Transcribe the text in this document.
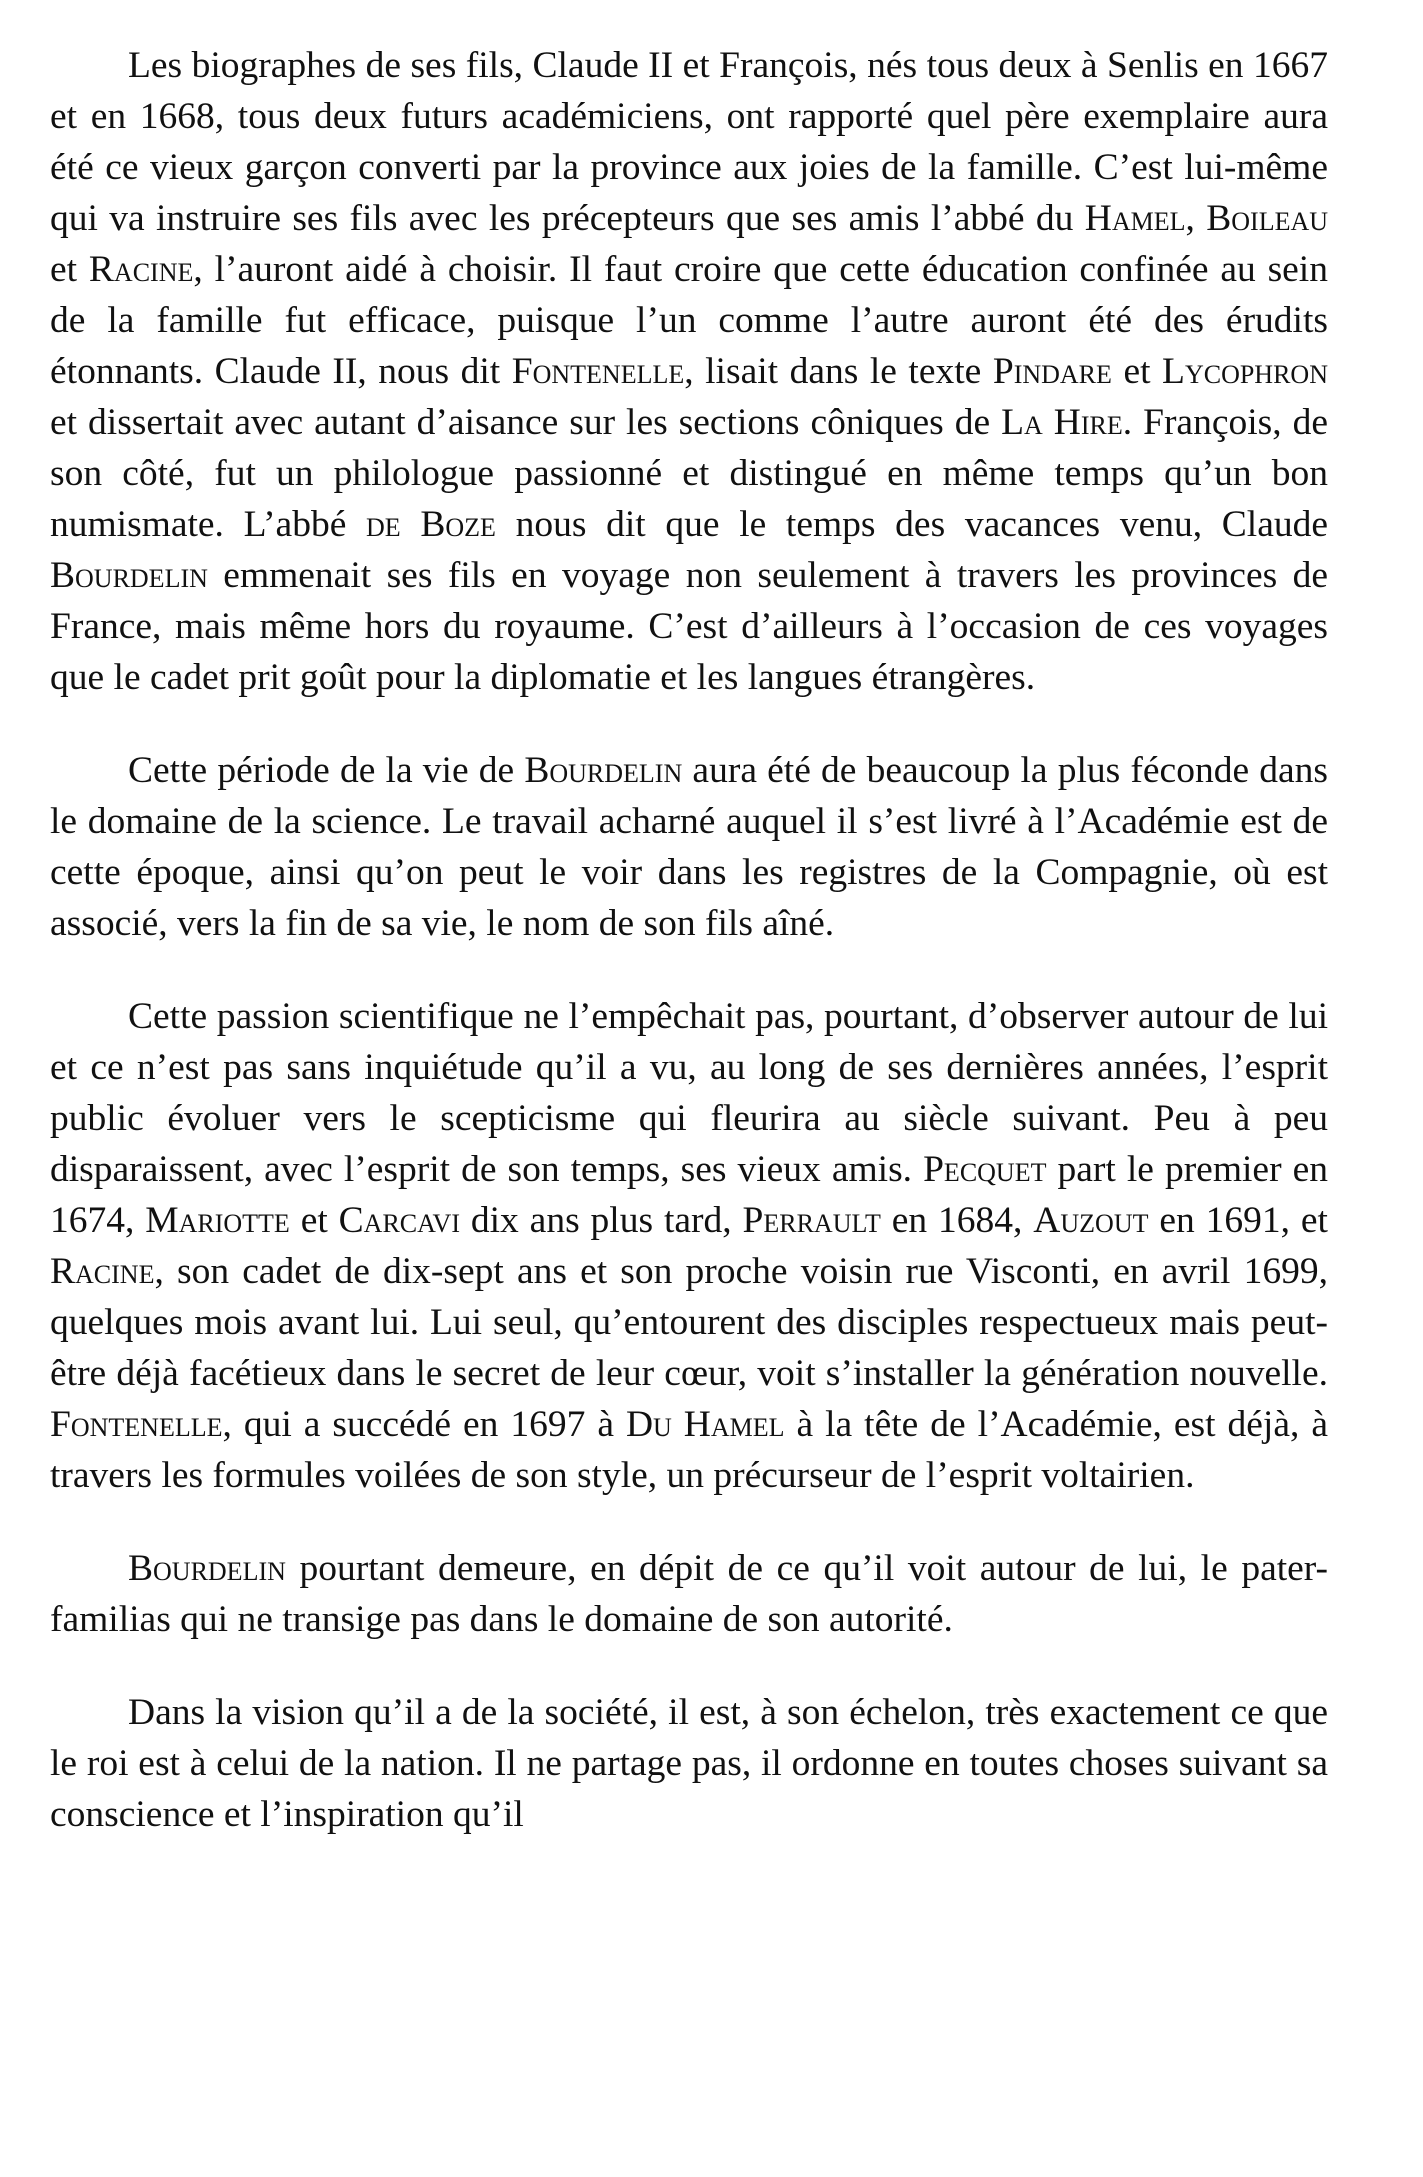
Les biographes de ses fils, Claude II et François, nés tous deux à Senlis en 1667 et en 1668, tous deux futurs académiciens, ont rapporté quel père exemplaire aura été ce vieux garçon converti par la province aux joies de la famille. C’est lui-même qui va instruire ses fils avec les précepteurs que ses amis l’abbé du Hamel, Boileau et Racine, l’auront aidé à choisir. Il faut croire que cette éducation confinée au sein de la famille fut efficace, puisque l’un comme l’autre auront été des érudits étonnants. Claude II, nous dit Fontenelle, lisait dans le texte Pindare et Lycophron et dissertait avec autant d’aisance sur les sections côniques de La Hire. François, de son côté, fut un philologue passionné et distingué en même temps qu’un bon numismate. L’abbé de Boze nous dit que le temps des vacances venu, Claude Bourdelin emmenait ses fils en voyage non seulement à travers les provinces de France, mais même hors du royaume. C’est d’ailleurs à l’occasion de ces voyages que le cadet prit goût pour la diplomatie et les langues étrangères.

Cette période de la vie de Bourdelin aura été de beaucoup la plus féconde dans le domaine de la science. Le travail acharné auquel il s’est livré à l’Académie est de cette époque, ainsi qu’on peut le voir dans les registres de la Compagnie, où est associé, vers la fin de sa vie, le nom de son fils aîné.

Cette passion scientifique ne l’empêchait pas, pourtant, d’observer autour de lui et ce n’est pas sans inquiétude qu’il a vu, au long de ses dernières années, l’esprit public évoluer vers le scepticisme qui fleurira au siècle suivant. Peu à peu disparaissent, avec l’esprit de son temps, ses vieux amis. Pecquet part le premier en 1674, Mariotte et Carcavi dix ans plus tard, Perrault en 1684, Auzout en 1691, et Racine, son cadet de dix-sept ans et son proche voisin rue Visconti, en avril 1699, quelques mois avant lui. Lui seul, qu’entourent des disciples respectueux mais peut-être déjà facétieux dans le secret de leur cœur, voit s’installer la génération nouvelle. Fontenelle, qui a succédé en 1697 à Du Hamel à la tête de l’Académie, est déjà, à travers les formules voilées de son style, un précurseur de l’esprit voltairien.

Bourdelin pourtant demeure, en dépit de ce qu’il voit autour de lui, le pater-familias qui ne transige pas dans le domaine de son autorité.

Dans la vision qu’il a de la société, il est, à son échelon, très exactement ce que le roi est à celui de la nation. Il ne partage pas, il ordonne en toutes choses suivant sa conscience et l’inspiration qu’il
